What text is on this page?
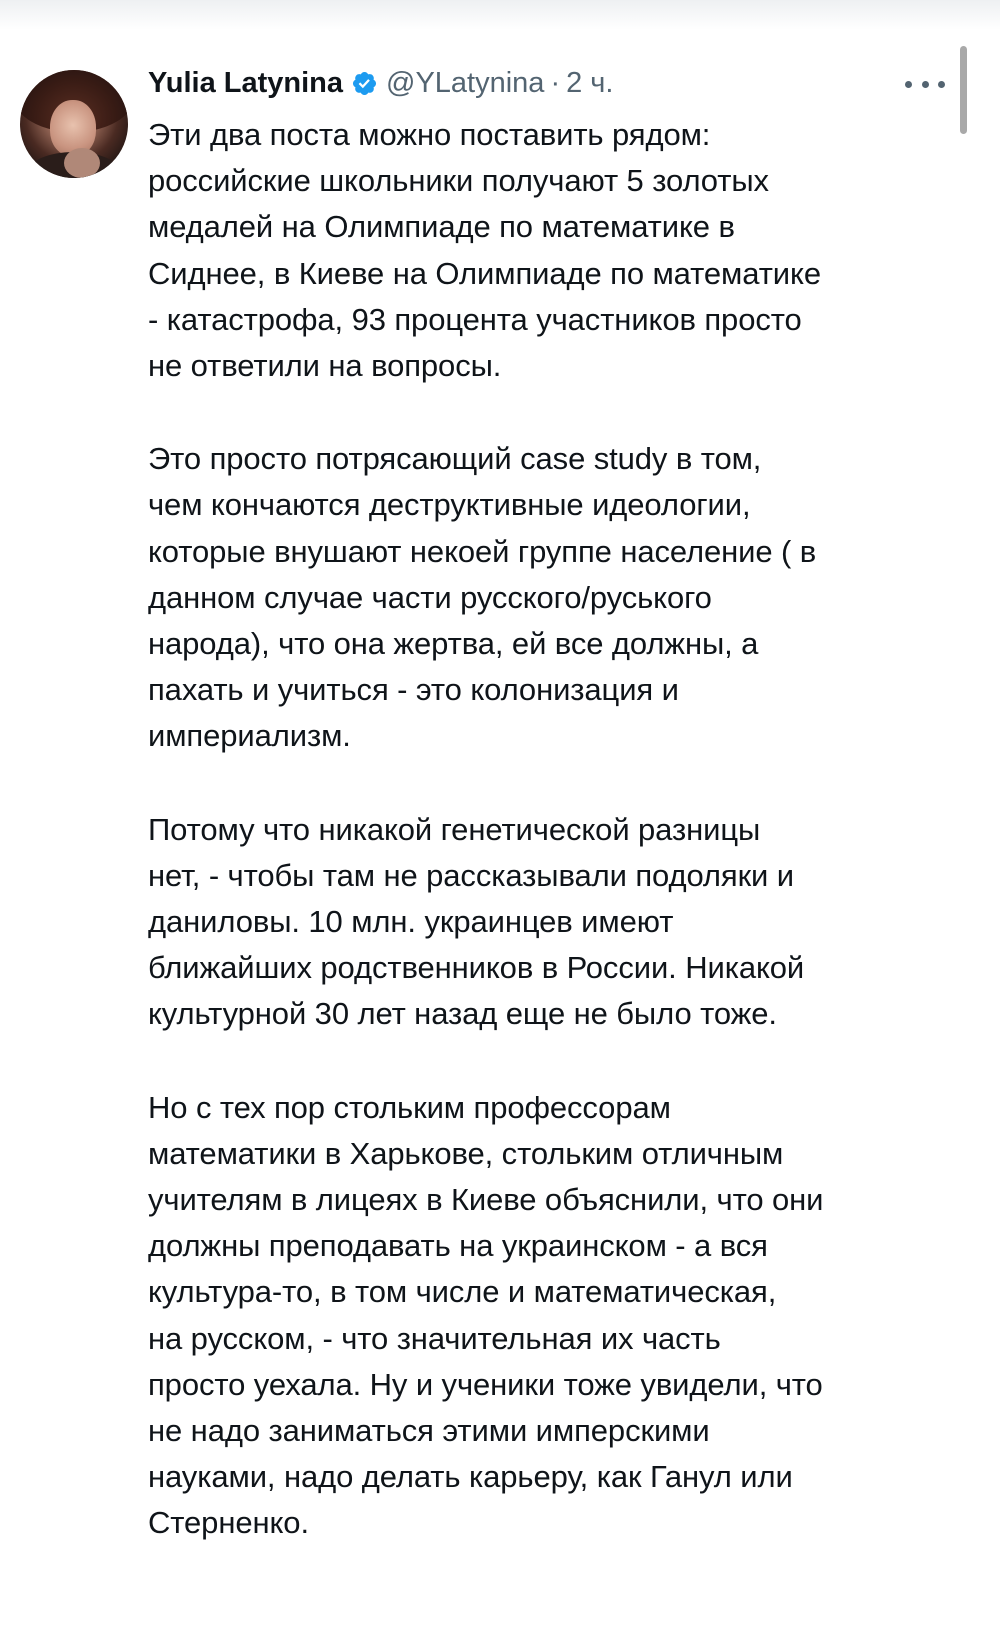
Yulia Latynina @YLatynina · 2 ч.

Эти два поста можно поставить рядом:
российские школьники получают 5 золотых
медалей на Олимпиаде по математике в
Сиднее, в Киеве на Олимпиаде по математике
- катастрофа, 93 процента участников просто
не ответили на вопросы.

Это просто потрясающий case study в том,
чем кончаются деструктивные идеологии,
которые внушают некоей группе население ( в
данном случае части русского/руського
народа), что она жертва, ей все должны, а
пахать и учиться - это колонизация и
империализм.

Потому что никакой генетической разницы
нет, - чтобы там не рассказывали подоляки и
даниловы. 10 млн. украинцев имеют
ближайших родственников в России. Никакой
культурной 30 лет назад еще не было тоже.

Но с тех пор стольким профессорам
математики в Харькове, стольким отличным
учителям в лицеях в Киеве объяснили, что они
должны преподавать на украинском - а вся
культура-то, в том числе и математическая,
на русском, - что значительная их часть
просто уехала. Ну и ученики тоже увидели, что
не надо заниматься этими имперскими
науками, надо делать карьеру, как Ганул или
Стерненко.
